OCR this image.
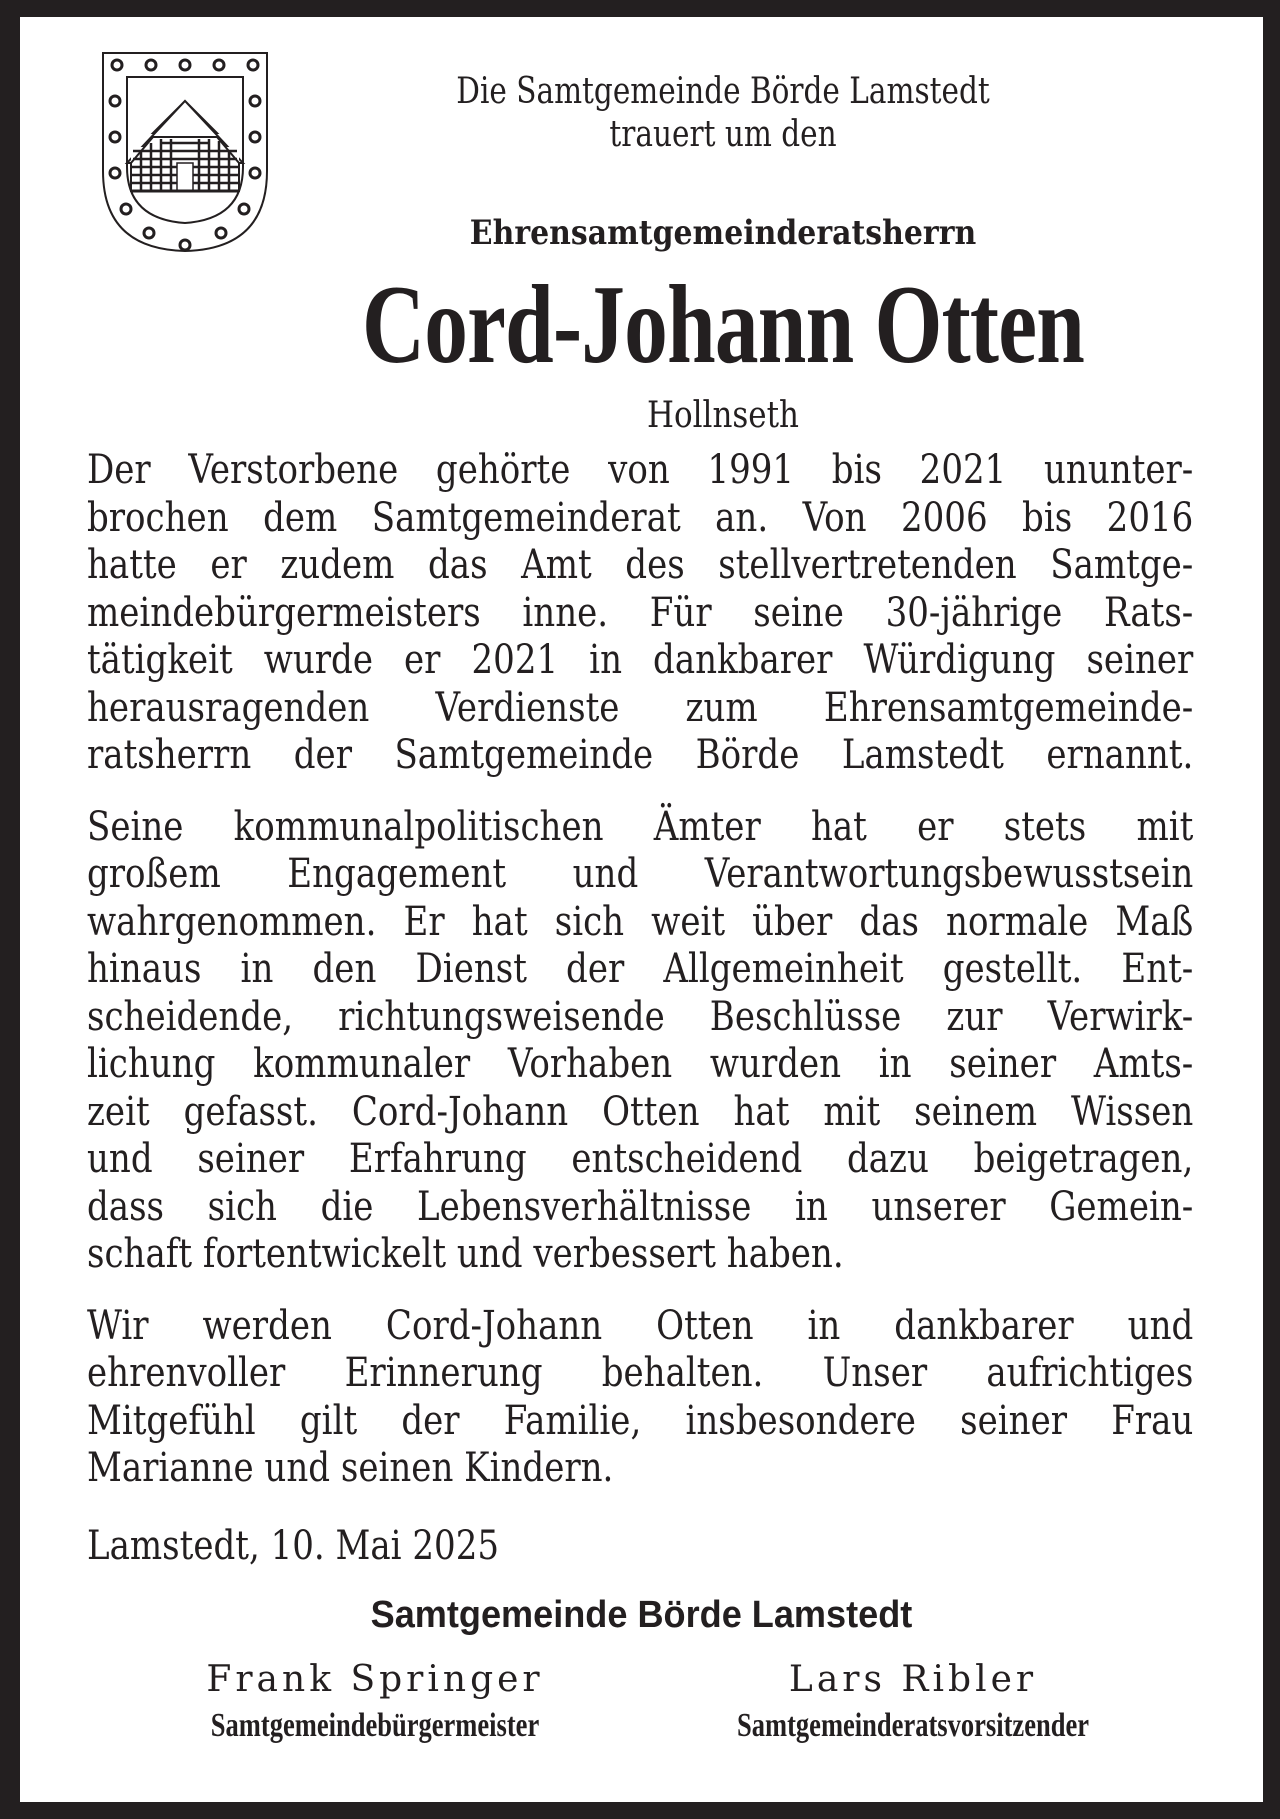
Die Samtgemeinde Börde Lamstedt
trauert um den
Ehrensamtgemeinderatsherrn
Cord-Johann Otten
Hollnseth
Der Verstorbene gehörte von 1991 bis 2021 ununter-
brochen dem Samtgemeinderat an. Von 2006 bis 2016
hatte er zudem das Amt des stellvertretenden Samtge-
meindebürgermeisters inne. Für seine 30-jährige Rats-
tätigkeit wurde er 2021 in dankbarer Würdigung seiner
herausragenden Verdienste zum Ehrensamtgemeinde-
ratsherrn der Samtgemeinde Börde Lamstedt ernannt.
Seine kommunalpolitischen Ämter hat er stets mit
großem Engagement und Verantwortungsbewusstsein
wahrgenommen. Er hat sich weit über das normale Maß
hinaus in den Dienst der Allgemeinheit gestellt. Ent-
scheidende, richtungsweisende Beschlüsse zur Verwirk-
lichung kommunaler Vorhaben wurden in seiner Amts-
zeit gefasst. Cord-Johann Otten hat mit seinem Wissen
und seiner Erfahrung entscheidend dazu beigetragen,
dass sich die Lebensverhältnisse in unserer Gemein-
schaft fortentwickelt und verbessert haben.
Wir werden Cord-Johann Otten in dankbarer und
ehrenvoller Erinnerung behalten. Unser aufrichtiges
Mitgefühl gilt der Familie, insbesondere seiner Frau
Marianne und seinen Kindern.
Lamstedt, 10. Mai 2025
Samtgemeinde Börde Lamstedt
Frank Springer	Lars Ribler
Samtgemeindebürgermeister	Samtgemeinderatsvorsitzender
